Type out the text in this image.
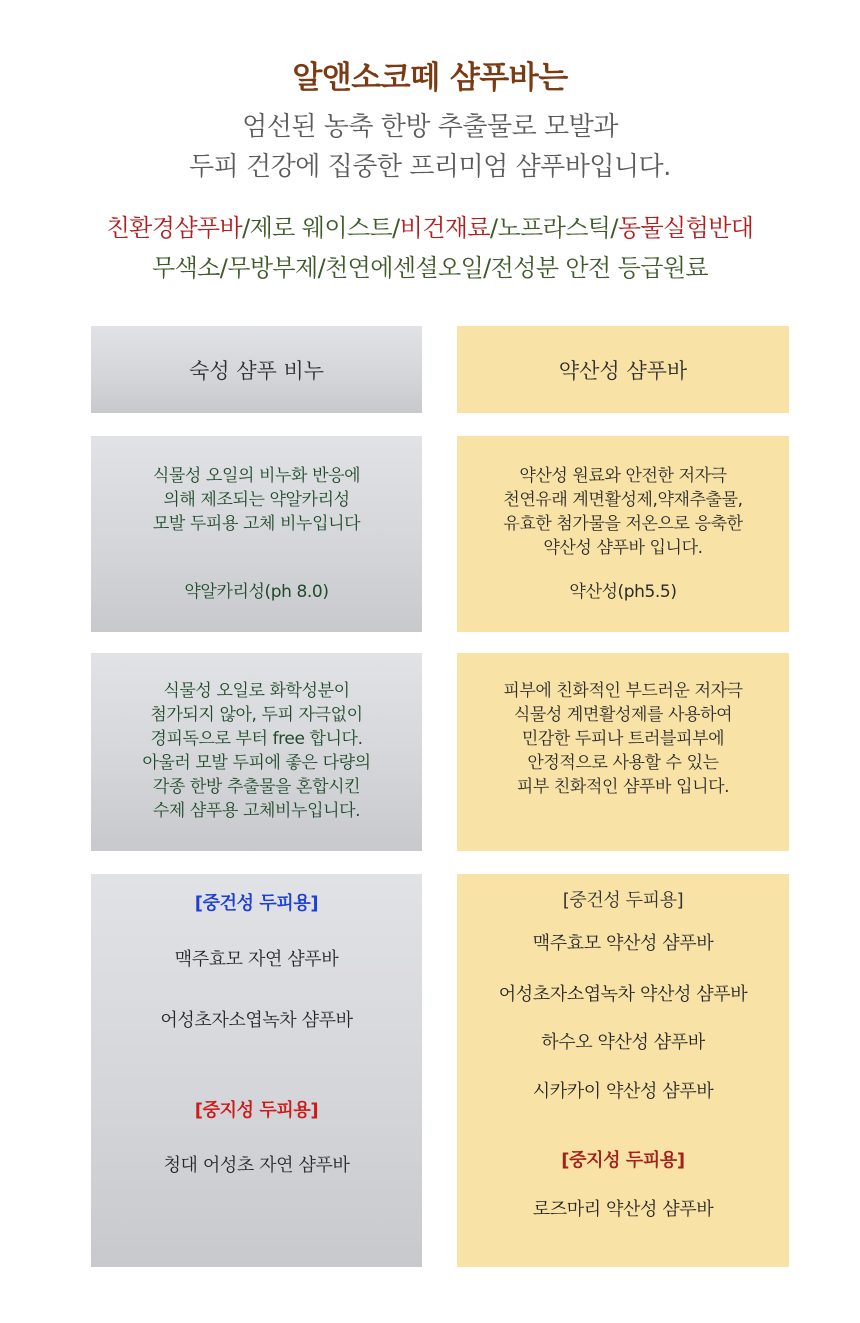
알앤소코떼 샴푸바는
엄선된 농축 한방 추출물로 모발과
두피 건강에 집중한 프리미엄 샴푸바입니다.
친환경샴푸바/제로 웨이스트/비건재료/노프라스틱/동물실험반대
무색소/무방부제/천연에센셜오일/전성분 안전 등급원료
숙성 샴푸 비누	약산성 샴푸바
식물성 오일의 비누화 반응에
의해 제조되는 약알카리성
모발 두피용 고체 비누입니다
약알카리성(ph 8.0)
약산성 원료와 안전한 저자극
천연유래 계면활성제,약재추출물,
유효한 첨가물을 저온으로 응축한
약산성 샴푸바 입니다.
약산성(ph5.5)
식물성 오일로 화학성분이
첨가되지 않아, 두피 자극없이
경피독으로 부터 free 합니다.
아울러 모발 두피에 좋은 다량의
각종 한방 추출물을 혼합시킨
수제 샴푸용 고체비누입니다.
피부에 친화적인 부드러운 저자극
식물성 계면활성제를 사용하여
민감한 두피나 트러블피부에
안정적으로 사용할 수 있는
피부 친화적인 샴푸바 입니다.
[중건성 두피용]
맥주효모 자연 샴푸바
어성초자소엽녹차 샴푸바
[중지성 두피용]
청대 어성초 자연 샴푸바
[중건성 두피용]
맥주효모 약산성 샴푸바
어성초자소엽녹차 약산성 샴푸바
하수오 약산성 샴푸바
시카카이 약산성 샴푸바
[중지성 두피용]
로즈마리 약산성 샴푸바
